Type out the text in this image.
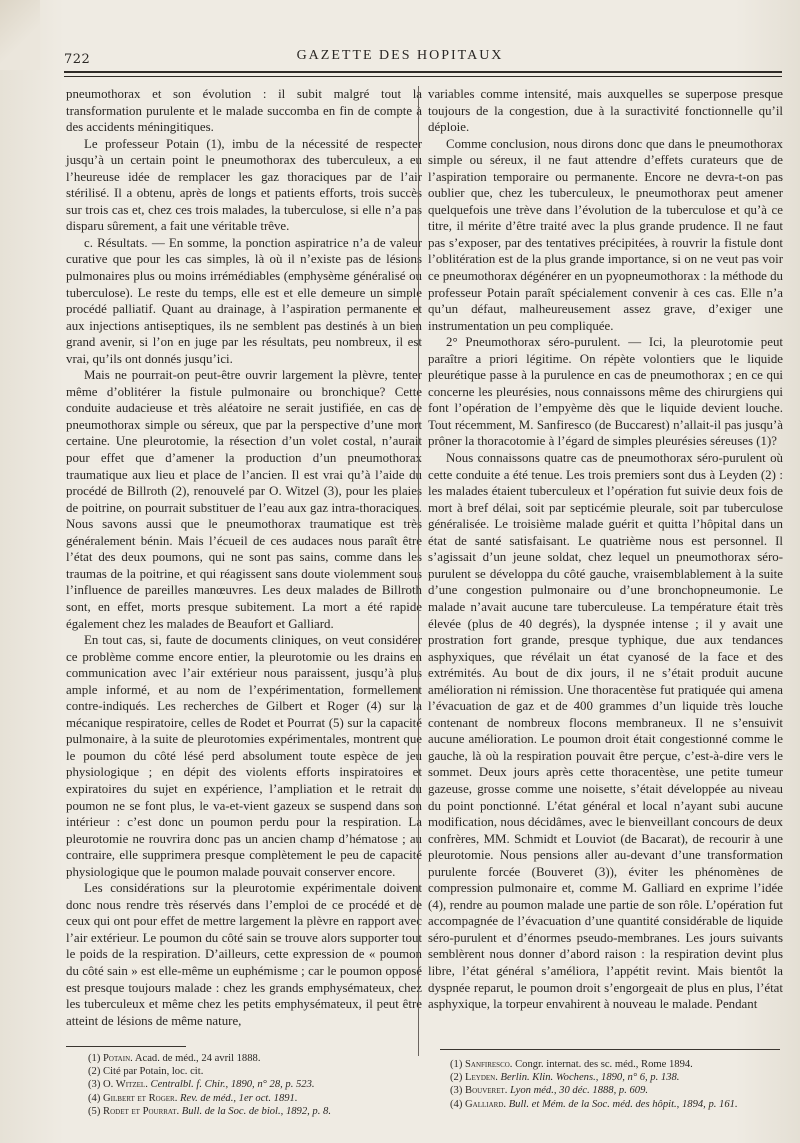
722	GAZETTE DES HOPITAUX

pneumothorax et son évolution : il subit malgré tout la transformation purulente et le malade succomba en fin de compte à des accidents méningitiques.

Le professeur Potain (1), imbu de la nécessité de respecter jusqu’à un certain point le pneumothorax des tuberculeux, a eu l’heureuse idée de remplacer les gaz thoraciques par de l’air stérilisé. Il a obtenu, après de longs et patients efforts, trois succès sur trois cas et, chez ces trois malades, la tuberculose, si elle n’a pas disparu sûrement, a fait une véritable trêve.

c. Résultats. — En somme, la ponction aspiratrice n’a de valeur curative que pour les cas simples, là où il n’existe pas de lésions pulmonaires plus ou moins irrémédiables (emphysème généralisé ou tuberculose). Le reste du temps, elle est et elle demeure un simple procédé palliatif. Quant au drainage, à l’aspiration permanente et aux injections antiseptiques, ils ne semblent pas destinés à un bien grand avenir, si l’on en juge par les résultats, peu nombreux, il est vrai, qu’ils ont donnés jusqu’ici.

Mais ne pourrait-on peut-être ouvrir largement la plèvre, tenter même d’oblitérer la fistule pulmonaire ou bronchique? Cette conduite audacieuse et très aléatoire ne serait justifiée, en cas de pneumothorax simple ou séreux, que par la perspective d’une mort certaine. Une pleurotomie, la résection d’un volet costal, n’aurait pour effet que d’amener la production d’un pneumothorax traumatique aux lieu et place de l’ancien. Il est vrai qu’à l’aide du procédé de Billroth (2), renouvelé par O. Witzel (3), pour les plaies de poitrine, on pourrait substituer de l’eau aux gaz intra-thoraciques. Nous savons aussi que le pneumothorax traumatique est très généralement bénin. Mais l’écueil de ces audaces nous paraît être l’état des deux poumons, qui ne sont pas sains, comme dans les traumas de la poitrine, et qui réagissent sans doute violemment sous l’influence de pareilles manœuvres. Les deux malades de Billroth sont, en effet, morts presque subitement. La mort a été rapide également chez les malades de Beaufort et Galliard.

En tout cas, si, faute de documents cliniques, on veut considérer ce problème comme encore entier, la pleurotomie ou les drains en communication avec l’air extérieur nous paraissent, jusqu’à plus ample informé, et au nom de l’expérimentation, formellement contre-indiqués. Les recherches de Gilbert et Roger (4) sur la mécanique respiratoire, celles de Rodet et Pourrat (5) sur la capacité pulmonaire, à la suite de pleurotomies expérimentales, montrent que le poumon du côté lésé perd absolument toute espèce de jeu physiologique ; en dépit des violents efforts inspiratoires et expiratoires du sujet en expérience, l’ampliation et le retrait du poumon ne se font plus, le va-et-vient gazeux se suspend dans son intérieur : c’est donc un poumon perdu pour la respiration. La pleurotomie ne rouvrira donc pas un ancien champ d’hématose ; au contraire, elle supprimera presque complètement le peu de capacité physiologique que le poumon malade pouvait conserver encore.

Les considérations sur la pleurotomie expérimentale doivent donc nous rendre très réservés dans l’emploi de ce procédé et de ceux qui ont pour effet de mettre largement la plèvre en rapport avec l’air extérieur. Le poumon du côté sain se trouve alors supporter tout le poids de la respiration. D’ailleurs, cette expression de « poumon du côté sain » est elle-même un euphémisme ; car le poumon opposé est presque toujours malade : chez les grands emphysémateux, chez les tuberculeux et même chez les petits emphysémateux, il peut être atteint de lésions de même nature,

variables comme intensité, mais auxquelles se superpose presque toujours de la congestion, due à la suractivité fonctionnelle qu’il déploie.

Comme conclusion, nous dirons donc que dans le pneumothorax simple ou séreux, il ne faut attendre d’effets curateurs que de l’aspiration temporaire ou permanente. Encore ne devra-t-on pas oublier que, chez les tuberculeux, le pneumothorax peut amener quelquefois une trève dans l’évolution de la tuberculose et qu’à ce titre, il mérite d’être traité avec la plus grande prudence. Il ne faut pas s’exposer, par des tentatives précipitées, à rouvrir la fistule dont l’oblitération est de la plus grande importance, si on ne veut pas voir ce pneumothorax dégénérer en un pyopneumothorax : la méthode du professeur Potain paraît spécialement convenir à ces cas. Elle n’a qu’un défaut, malheureusement assez grave, d’exiger une instrumentation un peu compliquée.

2° Pneumothorax séro-purulent. — Ici, la pleurotomie peut paraître a priori légitime. On répète volontiers que le liquide pleurétique passe à la purulence en cas de pneumothorax ; en ce qui concerne les pleurésies, nous connaissons même des chirurgiens qui font l’opération de l’empyème dès que le liquide devient louche. Tout récemment, M. Sanfiresco (de Buccarest) n’allait-il pas jusqu’à prôner la thoracotomie à l’égard de simples pleurésies séreuses (1)?

Nous connaissons quatre cas de pneumothorax séro-purulent où cette conduite a été tenue. Les trois premiers sont dus à Leyden (2) : les malades étaient tuberculeux et l’opération fut suivie deux fois de mort à bref délai, soit par septicémie pleurale, soit par tuberculose généralisée. Le troisième malade guérit et quitta l’hôpital dans un état de santé satisfaisant. Le quatrième nous est personnel. Il s’agissait d’un jeune soldat, chez lequel un pneumothorax séro-purulent se développa du côté gauche, vraisemblablement à la suite d’une congestion pulmonaire ou d’une bronchopneumonie. Le malade n’avait aucune tare tuberculeuse. La température était très élevée (plus de 40 degrés), la dyspnée intense ; il y avait une prostration fort grande, presque typhique, due aux tendances asphyxiques, que révélait un état cyanosé de la face et des extrémités. Au bout de dix jours, il ne s’était produit aucune amélioration ni rémission. Une thoracentèse fut pratiquée qui amena l’évacuation de gaz et de 400 grammes d’un liquide très louche contenant de nombreux flocons membraneux. Il ne s’ensuivit aucune amélioration. Le poumon droit était congestionné comme le gauche, là où la respiration pouvait être perçue, c’est-à-dire vers le sommet. Deux jours après cette thoracentèse, une petite tumeur gazeuse, grosse comme une noisette, s’était développée au niveau du point ponctionné. L’état général et local n’ayant subi aucune modification, nous décidâmes, avec le bienveillant concours de deux confrères, MM. Schmidt et Louviot (de Bacarat), de recourir à une pleurotomie. Nous pensions aller au-devant d’une transformation purulente forcée (Bouveret (3)), éviter les phénomènes de compression pulmonaire et, comme M. Galliard en exprime l’idée (4), rendre au poumon malade une partie de son rôle. L’opération fut accompagnée de l’évacuation d’une quantité considérable de liquide séro-purulent et d’énormes pseudo-membranes. Les jours suivants semblèrent nous donner d’abord raison : la respiration devint plus libre, l’état général s’améliora, l’appétit revint. Mais bientôt la dyspnée reparut, le poumon droit s’engorgeait de plus en plus, l’état asphyxique, la torpeur envahirent à nouveau le malade. Pendant

(1) Potain. Acad. de méd., 24 avril 1888.
(2) Cité par Potain, loc. cit.
(3) O. Witzel. Centralbl. f. Chir., 1890, n° 28, p. 523.
(4) Gilbert et Roger. Rev. de méd., 1er oct. 1891.
(5) Rodet et Pourrat. Bull. de la Soc. de biol., 1892, p. 8.
(1) Sanfiresco. Congr. internat. des sc. méd., Rome 1894.
(2) Leyden. Berlin. Klin. Wochens., 1890, n° 6, p. 138.
(3) Bouveret. Lyon méd., 30 déc. 1888, p. 609.
(4) Galliard. Bull. et Mém. de la Soc. méd. des hôpit., 1894, p. 161.
